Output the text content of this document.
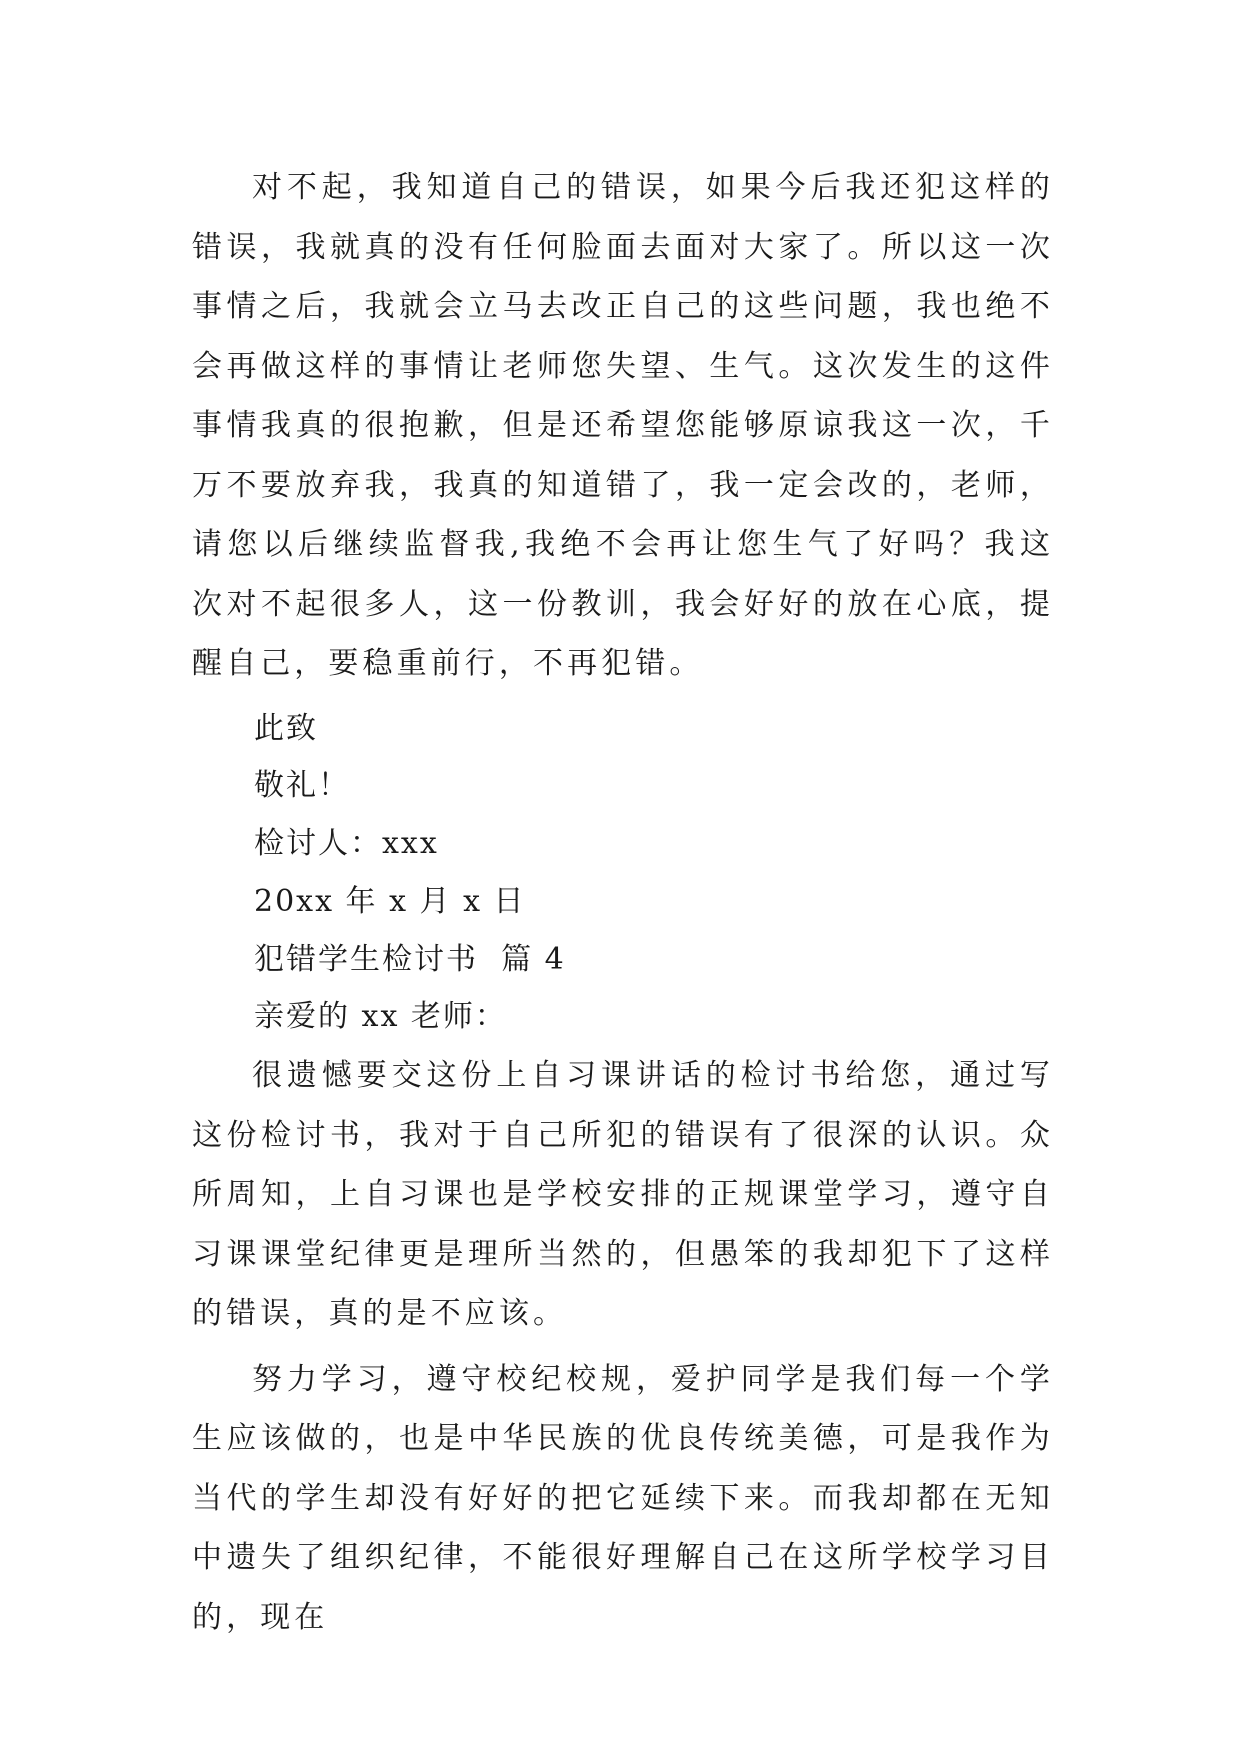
对不起，我知道自己的错误，如果今后我还犯这样的错误，我就真的没有任何脸面去面对大家了。所以这一次事情之后，我就会立马去改正自己的这些问题，我也绝不会再做这样的事情让老师您失望、生气。这次发生的这件事情我真的很抱歉，但是还希望您能够原谅我这一次，千万不要放弃我，我真的知道错了，我一定会改的，老师，请您以后继续监督我,我绝不会再让您生气了好吗？我这次对不起很多人，这一份教训，我会好好的放在心底，提醒自己，要稳重前行，不再犯错。

此致

敬礼！

检讨人：xxx

20xx 年 x 月 x 日

犯错学生检讨书  篇 4

亲爱的 xx 老师：

很遗憾要交这份上自习课讲话的检讨书给您，通过写这份检讨书，我对于自己所犯的错误有了很深的认识。众所周知，上自习课也是学校安排的正规课堂学习，遵守自习课课堂纪律更是理所当然的，但愚笨的我却犯下了这样的错误，真的是不应该。

努力学习，遵守校纪校规，爱护同学是我们每一个学生应该做的，也是中华民族的优良传统美德，可是我作为当代的学生却没有好好的把它延续下来。而我却都在无知中遗失了组织纪律，不能很好理解自己在这所学校学习目的，现在
